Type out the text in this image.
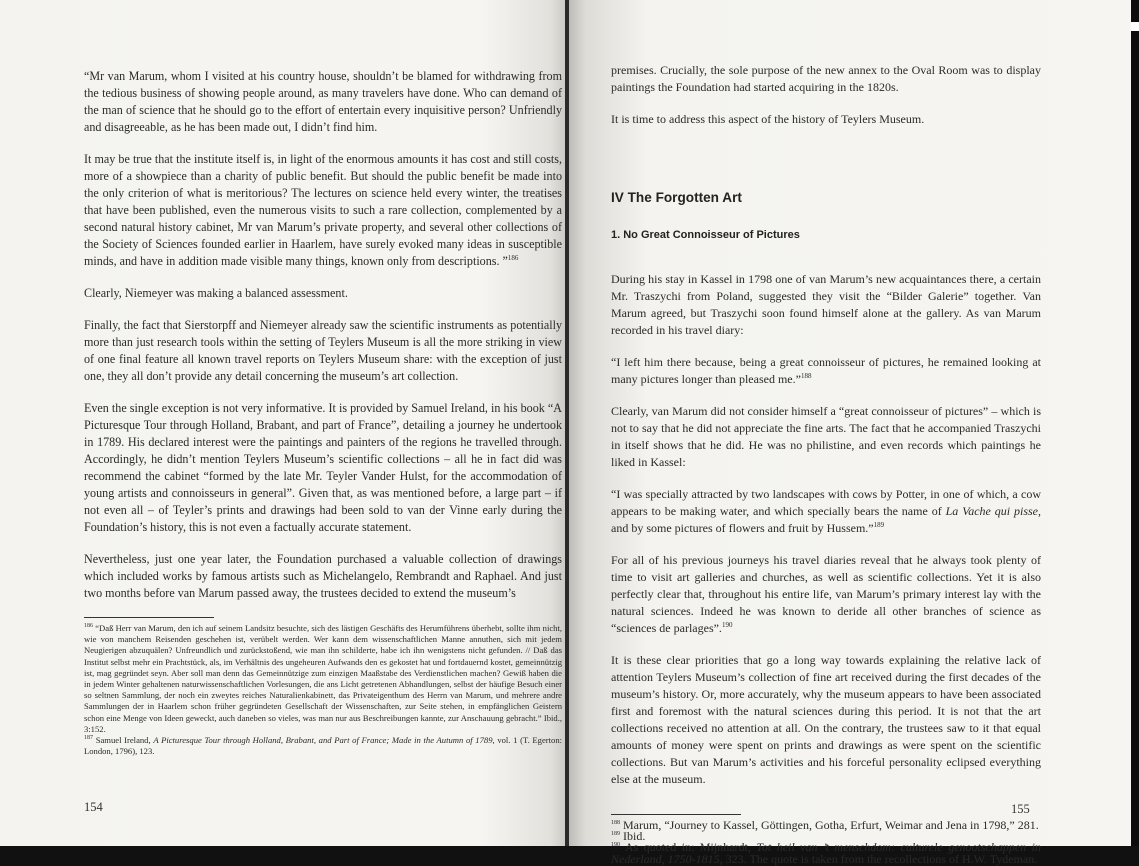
“Mr van Marum, whom I visited at his country house, shouldn’t be blamed for withdrawing from the tedious business of showing people around, as many travelers have done. Who can demand of the man of science that he should go to the effort of entertain every inquisitive person? Unfriendly and disagreeable, as he has been made out, I didn’t find him.

It may be true that the institute itself is, in light of the enormous amounts it has cost and still costs, more of a showpiece than a charity of public benefit. But should the public benefit be made into the only criterion of what is meritorious? The lectures on science held every winter, the treatises that have been published, even the numerous visits to such a rare collection, complemented by a second natural history cabinet, Mr van Marum’s private property, and several other collections of the Society of Sciences founded earlier in Haarlem, have surely evoked many ideas in susceptible minds, and have in addition made visible many things, known only from descriptions. ”$^{186}$

Clearly, Niemeyer was making a balanced assessment.

Finally, the fact that Sierstorpff and Niemeyer already saw the scientific instruments as potentially more than just research tools within the setting of Teylers Museum is all the more striking in view of one final feature all known travel reports on Teylers Museum share: with the exception of just one, they all don’t provide any detail concerning the museum’s art collection.

Even the single exception is not very informative. It is provided by Samuel Ireland, in his book “A Picturesque Tour through Holland, Brabant, and part of France”, detailing a journey he undertook in 1789. His declared interest were the paintings and painters of the regions he travelled through. Accordingly, he didn’t mention Teylers Museum’s scientific collections – all he in fact did was recommend the cabinet “formed by the late Mr. Teyler Vander Hulst, for the accommodation of young artists and connoisseurs in general”. Given that, as was mentioned before, a large part – if not even all – of Teyler’s prints and drawings had been sold to van der Vinne early during the Foundation’s history, this is not even a factually accurate statement.

Nevertheless, just one year later, the Foundation purchased a valuable collection of drawings which included works by famous artists such as Michelangelo, Rembrandt and Raphael. And just two months before van Marum passed away, the trustees decided to extend the museum’s

$^{186}$ “Daß Herr van Marum, den ich auf seinem Landsitz besuchte, sich des lästigen Geschäfts des Herumführens überhebt, sollte ihm nicht, wie von manchem Reisenden geschehen ist, verübelt werden. Wer kann dem wissenschaftlichen Manne annuthen, sich mit jedem Neugierigen abzuquälen? Unfreundlich und zurückstoßend, wie man ihn schilderte, habe ich ihn wenigstens nicht gefunden. // Daß das Institut selbst mehr ein Prachtstück, als, im Verhältnis des ungeheuren Aufwands den es gekostet hat und fortdauernd kostet, gemeinnützig ist, mag gegründet seyn. Aber soll man denn das Gemeinnützige zum einzigen Maaßstabe des Verdienstlichen machen? Gewiß haben die in jedem Winter gehaltenen naturwissenschaftlichen Vorlesungen, die ans Licht getretenen Abhandlungen, selbst der häufige Besuch einer so seltnen Sammlung, der noch ein zweytes reiches Naturalienkabinett, das Privateigenthum des Herrn van Marum, und mehrere andre Sammlungen der in Haarlem schon früher gegründeten Gesellschaft der Wissenschaften, zur Seite stehen, in empfänglichen Geistern schon eine Menge von Ideen geweckt, auch daneben so vieles, was man nur aus Beschreibungen kannte, zur Anschauung gebracht.” Ibid., 3:152.

$^{187}$ Samuel Ireland, A Picturesque Tour through Holland, Brabant, and Part of France; Made in the Autumn of 1789, vol. 1 (T. Egerton: London, 1796), 123.

154

premises. Crucially, the sole purpose of the new annex to the Oval Room was to display paintings the Foundation had started acquiring in the 1820s.

It is time to address this aspect of the history of Teylers Museum.

IV The Forgotten Art
1. No Great Connoisseur of Pictures

During his stay in Kassel in 1798 one of van Marum’s new acquaintances there, a certain Mr. Traszychi from Poland, suggested they visit the “Bilder Galerie” together. Van Marum agreed, but Traszychi soon found himself alone at the gallery. As van Marum recorded in his travel diary:

“I left him there because, being a great connoisseur of pictures, he remained looking at many pictures longer than pleased me.”$^{188}$

Clearly, van Marum did not consider himself a “great connoisseur of pictures” – which is not to say that he did not appreciate the fine arts. The fact that he accompanied Traszychi in itself shows that he did. He was no philistine, and even records which paintings he liked in Kassel:

“I was specially attracted by two landscapes with cows by Potter, in one of which, a cow appears to be making water, and which specially bears the name of La Vache qui pisse, and by some pictures of flowers and fruit by Hussem.”$^{189}$

For all of his previous journeys his travel diaries reveal that he always took plenty of time to visit art galleries and churches, as well as scientific collections. Yet it is also perfectly clear that, throughout his entire life, van Marum’s primary interest lay with the natural sciences. Indeed he was known to deride all other branches of science as “sciences de parlages”.$^{190}$

It is these clear priorities that go a long way towards explaining the relative lack of attention Teylers Museum’s collection of fine art received during the first decades of the museum’s history. Or, more accurately, why the museum appears to have been associated first and foremost with the natural sciences during this period. It is not that the art collections received no attention at all. On the contrary, the trustees saw to it that equal amounts of money were spent on prints and drawings as were spent on the scientific collections. But van Marum’s activities and his forceful personality eclipsed everything else at the museum.

$^{188}$ Marum, “Journey to Kassel, Göttingen, Gotha, Erfurt, Weimar and Jena in 1798,” 281.

$^{189}$ Ibid.

$^{190}$ As quoted in: Mijnhardt, Tot heil van ’t menschdom: culturele genootschappen in Nederland, 1750-1815, 323. The quote is taken from the recollections of H.W. Tydeman.

155
